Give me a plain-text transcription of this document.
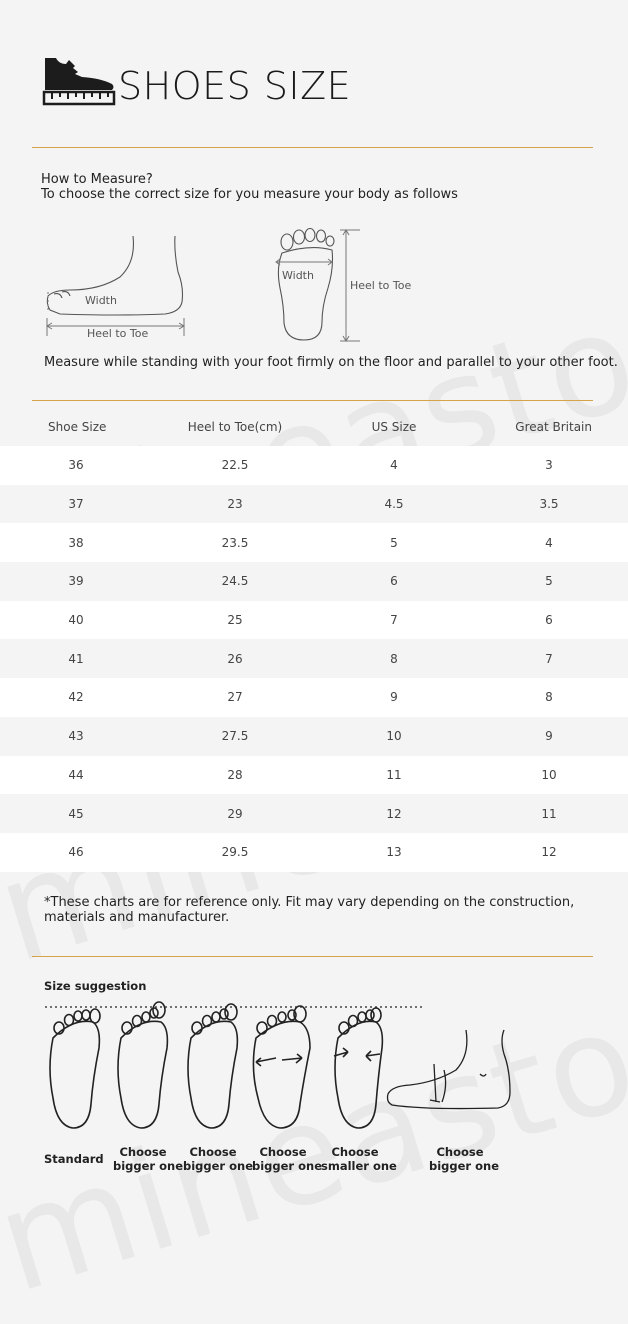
SHOES SIZE
How to Measure?
To choose the correct size for you measure your body as follows
Width
Heel to Toe
Width
Heel to Toe
Measure while standing with your foot firmly on the floor and parallel to your other foot.
Shoe Size	Heel to Toe(cm)	US Size	Great Britain
36	22.5	4	3
37	23	4.5	3.5
38	23.5	5	4
39	24.5	6	5
40	25	7	6
41	26	8	7
42	27	9	8
43	27.5	10	9
44	28	11	10
45	29	12	11
46	29.5	13	12
*These charts are for reference only. Fit may vary depending on the construction, materials and manufacturer.
Size suggestion
Standard	Choose
bigger one
Choose
bigger one
Choose
bigger one
Choose
smaller one
Choose
bigger one
